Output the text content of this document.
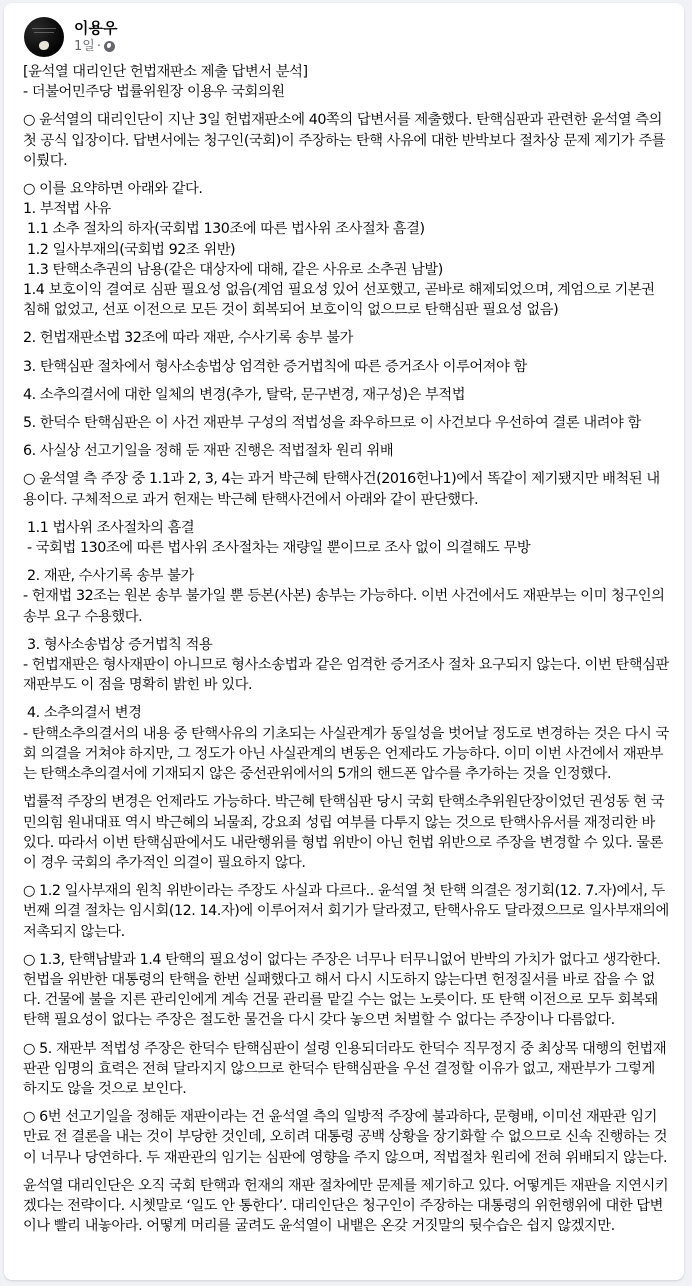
이용우
1일 ·

[윤석열 대리인단 헌법재판소 제출 답변서 분석]

- 더불어민주당 법률위원장 이용우 국회의원

○ 윤석열의 대리인단이 지난 3일 헌법재판소에 40쪽의 답변서를 제출했다. 탄핵심판과 관련한 윤석열 측의 첫 공식 입장이다. 답변서에는 청구인(국회)이 주장하는 탄핵 사유에 대한 반박보다 절차상 문제 제기가 주를 이뤘다.

○ 이를 요약하면 아래와 같다.

1. 부적법 사유

1.1 소추 절차의 하자(국회법 130조에 따른 법사위 조사절차 흠결)

1.2 일사부재의(국회법 92조 위반)

1.3 탄핵소추권의 남용(같은 대상자에 대해, 같은 사유로 소추권 남발)

1.4 보호이익 결여로 심판 필요성 없음(계엄 필요성 있어 선포했고, 곧바로 해제되었으며, 계엄으로 기본권 침해 없었고, 선포 이전으로 모든 것이 회복되어 보호이익 없으므로 탄핵심판 필요성 없음)

2. 헌법재판소법 32조에 따라 재판, 수사기록 송부 불가

3. 탄핵심판 절차에서 형사소송법상 엄격한 증거법칙에 따른 증거조사 이루어져야 함

4. 소추의결서에 대한 일체의 변경(추가, 탈락, 문구변경, 재구성)은 부적법

5. 한덕수 탄핵심판은 이 사건 재판부 구성의 적법성을 좌우하므로 이 사건보다 우선하여 결론 내려야 함

6. 사실상 선고기일을 정해 둔 재판 진행은 적법절차 원리 위배

○ 윤석열 측 주장 중 1.1과 2, 3, 4는 과거 박근혜 탄핵사건(2016헌나1)에서 똑같이 제기됐지만 배척된 내용이다. 구체적으로 과거 헌재는 박근혜 탄핵사건에서 아래와 같이 판단했다.

1.1 법사위 조사절차의 흠결

- 국회법 130조에 따른 법사위 조사절차는 재량일 뿐이므로 조사 없이 의결해도 무방

2. 재판, 수사기록 송부 불가

- 헌재법 32조는 원본 송부 불가일 뿐 등본(사본) 송부는 가능하다. 이번 사건에서도 재판부는 이미 청구인의 송부 요구 수용했다.

3. 형사소송법상 증거법칙 적용

- 헌법재판은 형사재판이 아니므로 형사소송법과 같은 엄격한 증거조사 절차 요구되지 않는다. 이번 탄핵심판 재판부도 이 점을 명확히 밝힌 바 있다.

4. 소추의결서 변경

- 탄핵소추의결서의 내용 중 탄핵사유의 기초되는 사실관계가 동일성을 벗어날 정도로 변경하는 것은 다시 국회 의결을 거쳐야 하지만, 그 정도가 아닌 사실관계의 변동은 언제라도 가능하다. 이미 이번 사건에서 재판부는 탄핵소추의결서에 기재되지 않은 중선관위에서의 5개의 핸드폰 압수를 추가하는 것을 인정했다.

법률적 주장의 변경은 언제라도 가능하다. 박근혜 탄핵심판 당시 국회 탄핵소추위원단장이었던 권성동 현 국민의힘 원내대표 역시 박근혜의 뇌물죄, 강요죄 성립 여부를 다투지 않는 것으로 탄핵사유서를 재정리한 바 있다. 따라서 이번 탄핵심판에서도 내란행위를 형법 위반이 아닌 헌법 위반으로 주장을 변경할 수 있다. 물론 이 경우 국회의 추가적인 의결이 필요하지 않다.

○ 1.2 일사부재의 원칙 위반이라는 주장도 사실과 다르다.. 윤석열 첫 탄핵 의결은 정기회(12. 7.자)에서, 두 번째 의결 절차는 임시회(12. 14.자)에 이루어져서 회기가 달라졌고, 탄핵사유도 달라졌으므로 일사부재의에 저촉되지 않는다.

○ 1.3, 탄핵남발과 1.4 탄핵의 필요성이 없다는 주장은 너무나 터무니없어 반박의 가치가 없다고 생각한다. 헌법을 위반한 대통령의 탄핵을 한번 실패했다고 해서 다시 시도하지 않는다면 헌정질서를 바로 잡을 수 없다. 건물에 불을 지른 관리인에게 계속 건물 관리를 맡길 수는 없는 노릇이다. 또 탄핵 이전으로 모두 회복돼 탄핵 필요성이 없다는 주장은 절도한 물건을 다시 갖다 놓으면 처벌할 수 없다는 주장이나 다름없다.

○ 5. 재판부 적법성 주장은 한덕수 탄핵심판이 설령 인용되더라도 한덕수 직무정지 중 최상목 대행의 헌법재판관 임명의 효력은 전혀 달라지지 않으므로 한덕수 탄핵심판을 우선 결정할 이유가 없고, 재판부가 그렇게 하지도 않을 것으로 보인다.

○ 6번 선고기일을 정해둔 재판이라는 건 윤석열 측의 일방적 주장에 불과하다, 문형배, 이미선 재판관 임기 만료 전 결론을 내는 것이 부당한 것인데, 오히려 대통령 공백 상황을 장기화할 수 없으므로 신속 진행하는 것이 너무나 당연하다. 두 재판관의 임기는 심판에 영향을 주지 않으며, 적법절차 원리에 전혀 위배되지 않는다.

윤석열 대리인단은 오직 국회 탄핵과 헌재의 재판 절차에만 문제를 제기하고 있다. 어떻게든 재판을 지연시키겠다는 전략이다. 시쳇말로 ‘일도 안 통한다’. 대리인단은 청구인이 주장하는 대통령의 위헌행위에 대한 답변이나 빨리 내놓아라. 어떻게 머리를 굴려도 윤석열이 내뱉은 온갖 거짓말의 뒷수습은 쉽지 않겠지만.
